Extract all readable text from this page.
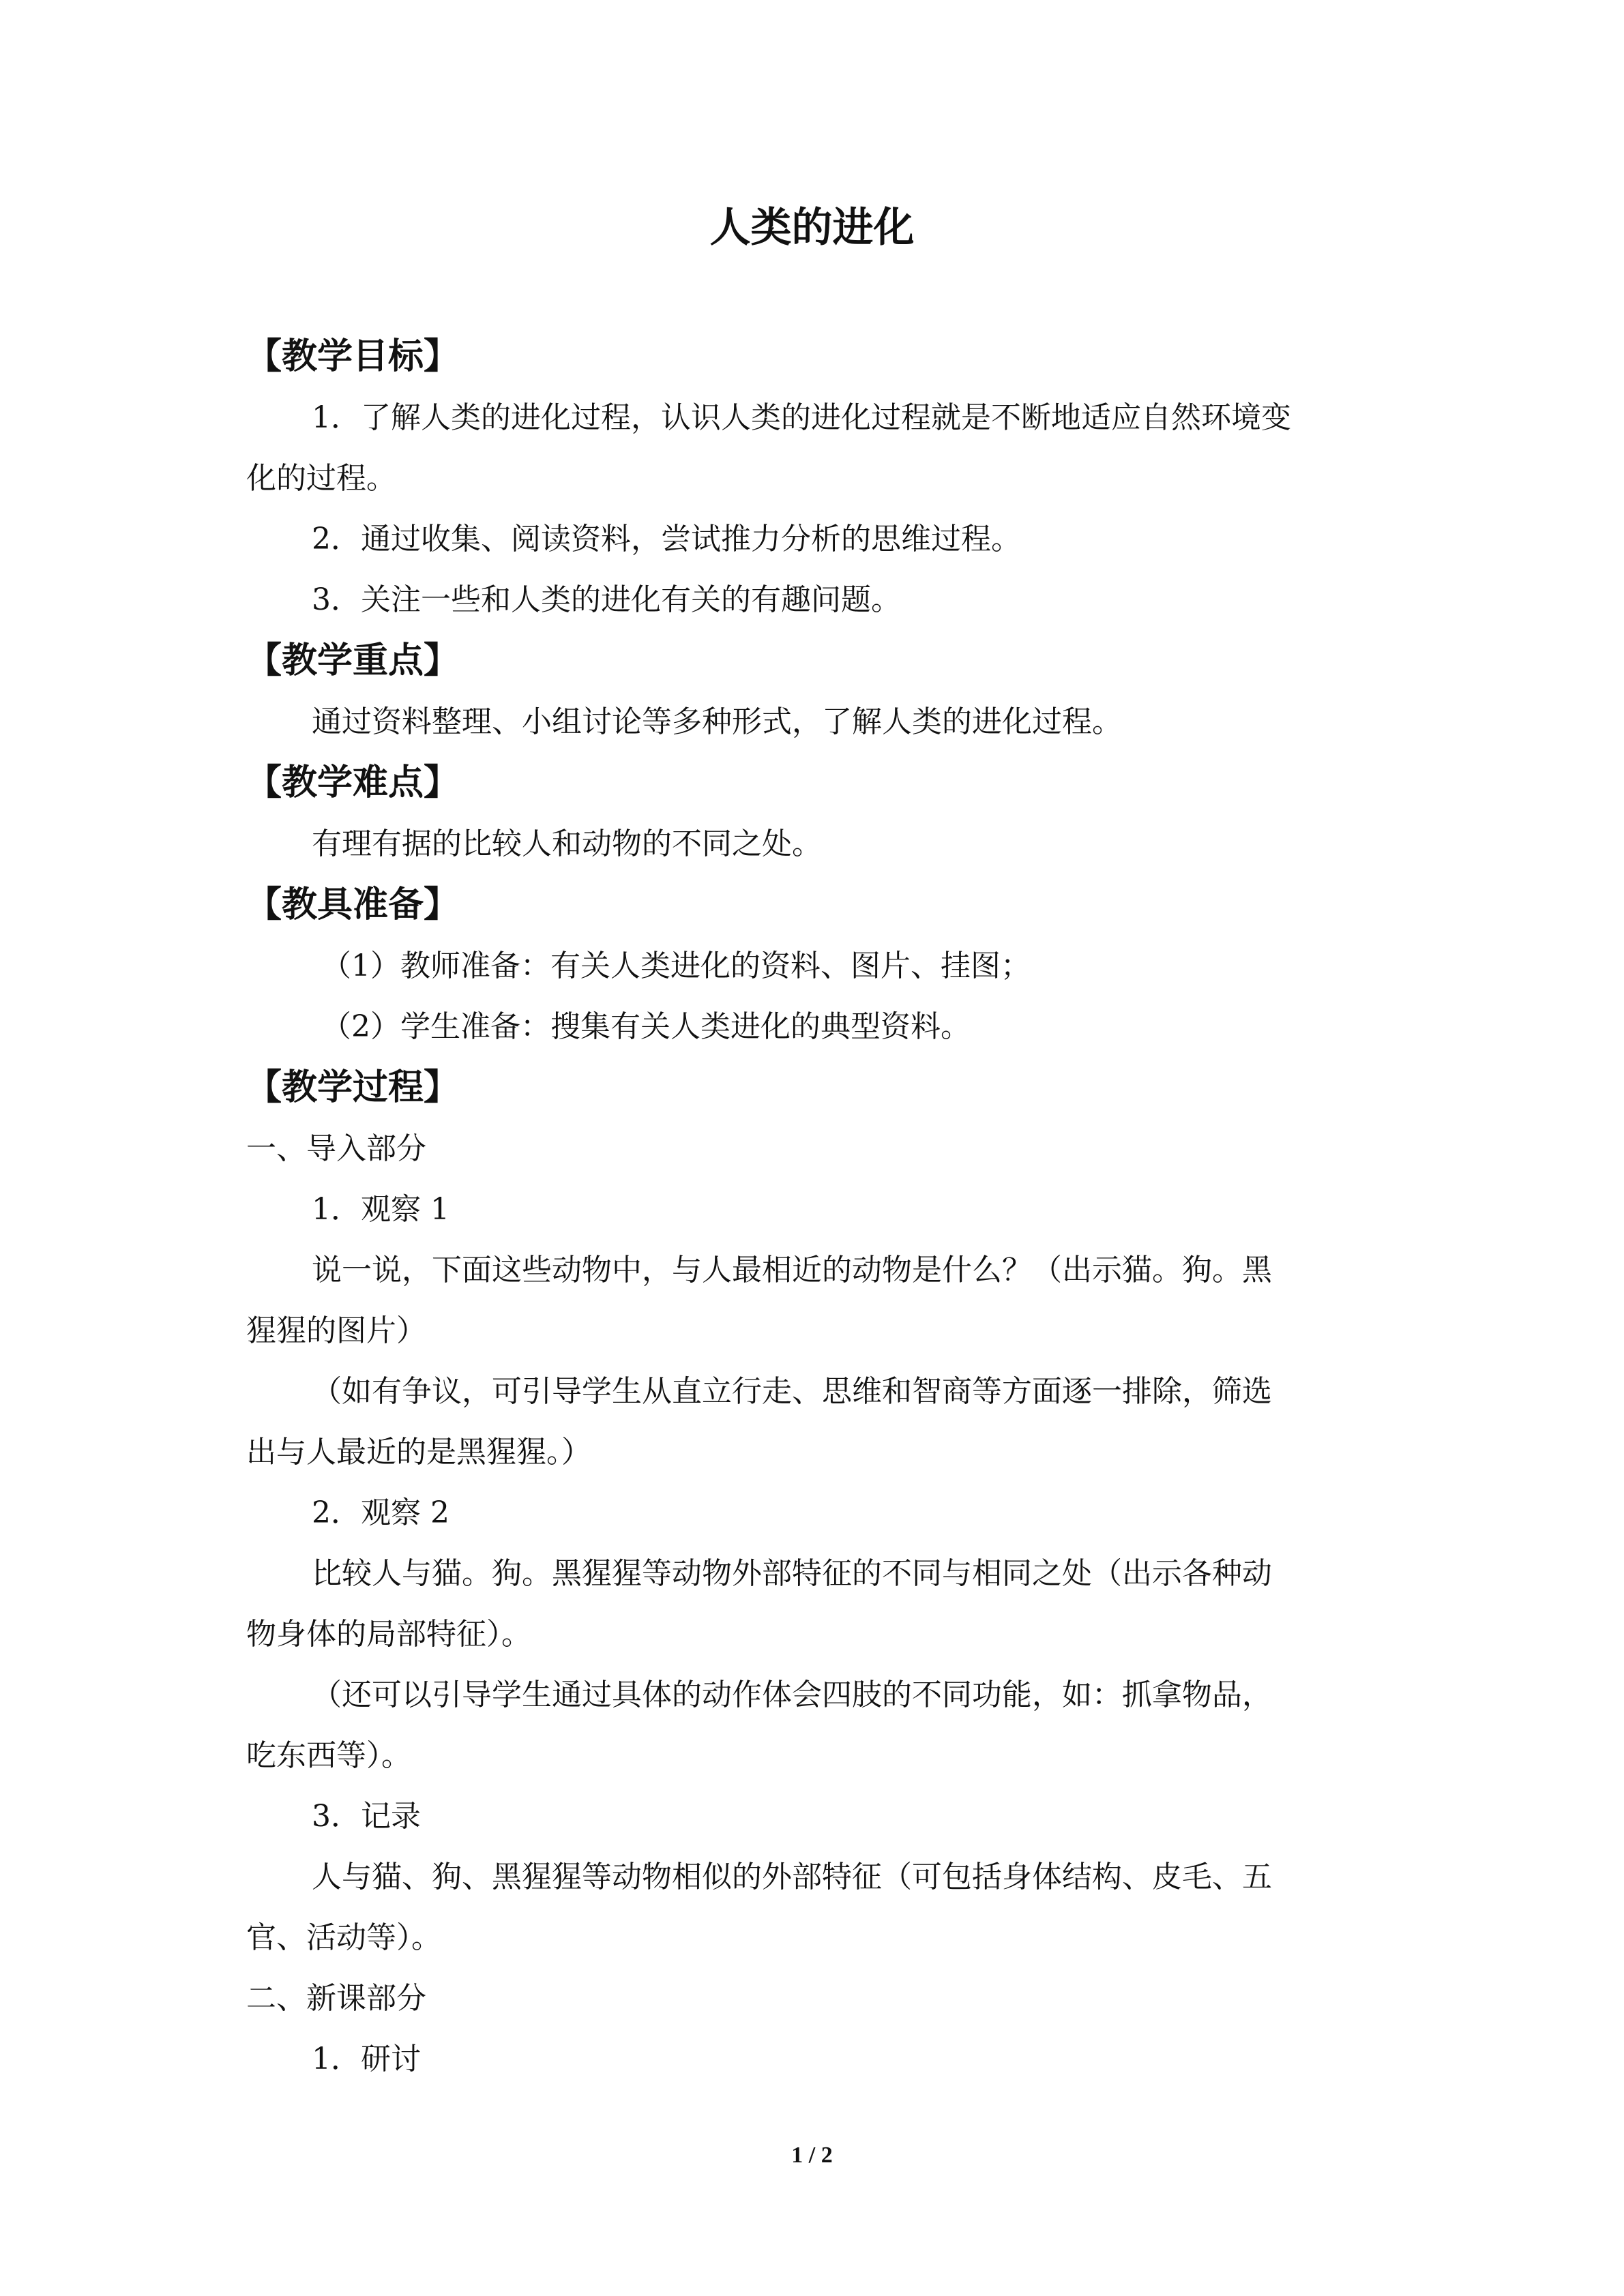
人类的进化
【教学目标】
1．了解人类的进化过程，认识人类的进化过程就是不断地适应自然环境变
化的过程。
2．通过收集、阅读资料，尝试推力分析的思维过程。
3．关注一些和人类的进化有关的有趣问题。
【教学重点】
通过资料整理、小组讨论等多种形式，了解人类的进化过程。
【教学难点】
有理有据的比较人和动物的不同之处。
【教具准备】
（1）教师准备：有关人类进化的资料、图片、挂图；
（2）学生准备：搜集有关人类进化的典型资料。
【教学过程】
一、导入部分
1．观察 1
说一说，下面这些动物中，与人最相近的动物是什么？（出示猫。狗。黑
猩猩的图片）
（如有争议，可引导学生从直立行走、思维和智商等方面逐一排除，筛选
出与人最近的是黑猩猩。）
2．观察 2
比较人与猫。狗。黑猩猩等动物外部特征的不同与相同之处（出示各种动
物身体的局部特征）。
（还可以引导学生通过具体的动作体会四肢的不同功能，如：抓拿物品，
吃东西等）。
3．记录
人与猫、狗、黑猩猩等动物相似的外部特征（可包括身体结构、皮毛、五
官、活动等）。
二、新课部分
1．研讨
1 / 2
